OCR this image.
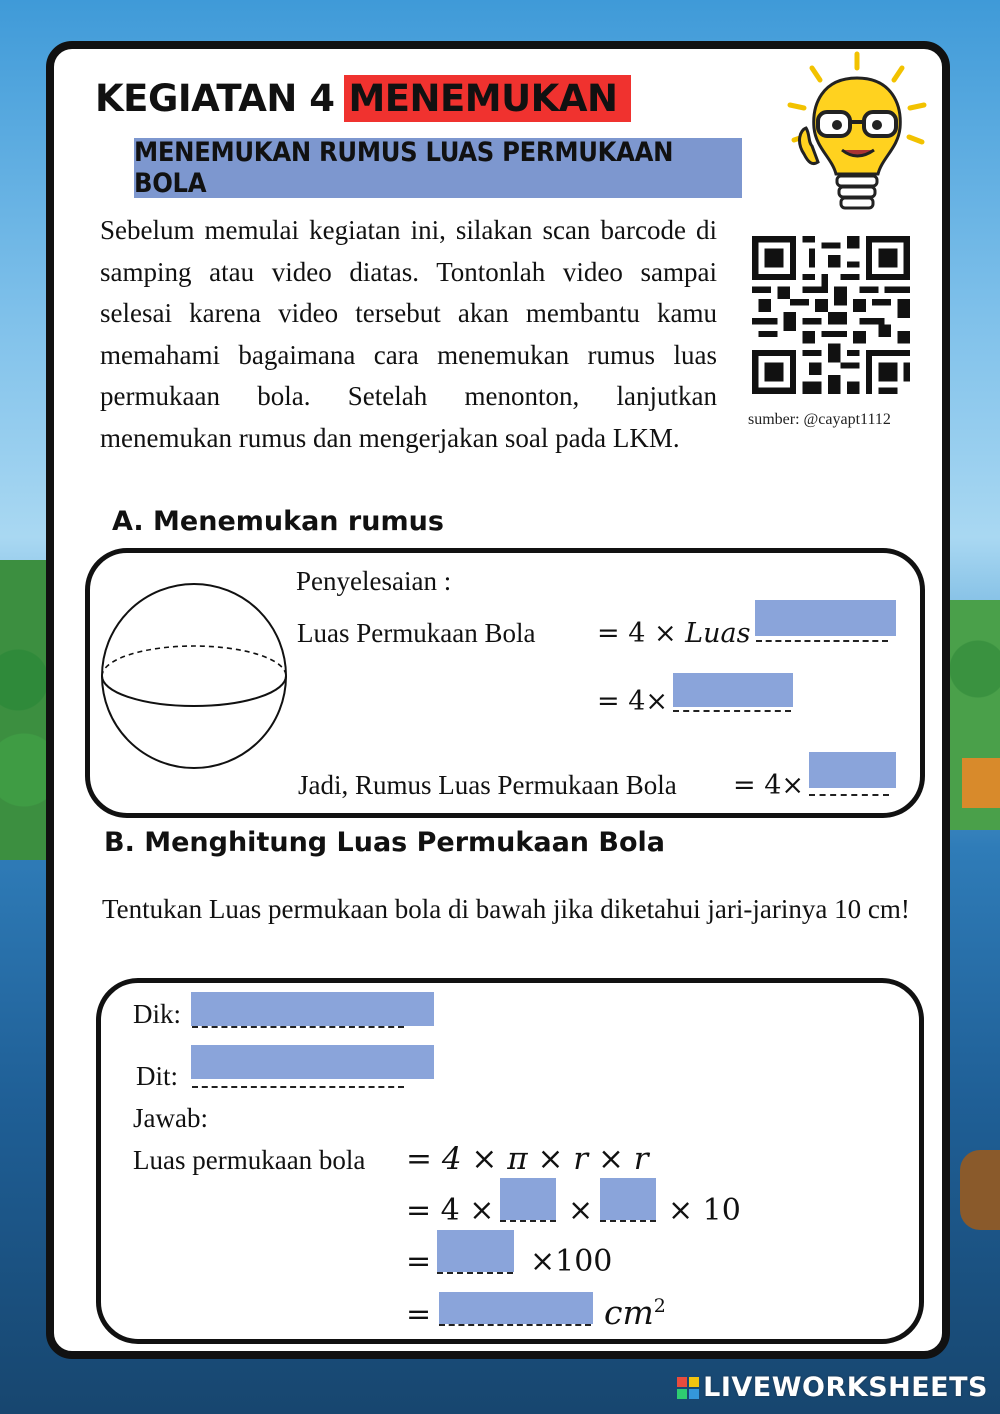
KEGIATAN 4 MENEMUKAN
MENEMUKAN RUMUS LUAS PERMUKAAN BOLA
Sebelum memulai kegiatan ini, silakan scan barcode di samping atau video diatas. Tontonlah video sampai selesai karena video tersebut akan membantu kamu memahami bagaimana cara menemukan rumus luas permukaan bola. Setelah menonton, lanjutkan menemukan rumus dan mengerjakan soal pada LKM.
sumber: @cayapt1112
A. Menemukan rumus
Penyelesaian :
Luas Permukaan Bola = 4 × Luas
= 4×
Jadi, Rumus Luas Permukaan Bola = 4×
B. Menghitung Luas Permukaan Bola
Tentukan Luas permukaan bola di bawah jika diketahui jari-jarinya 10 cm!
Dik:
Dit:
Jawab:
Luas permukaan bola = 4 × π × r × r
= 4 × × × 10
=	×100
=	$cm^2$
LIVEWORKSHEETS
